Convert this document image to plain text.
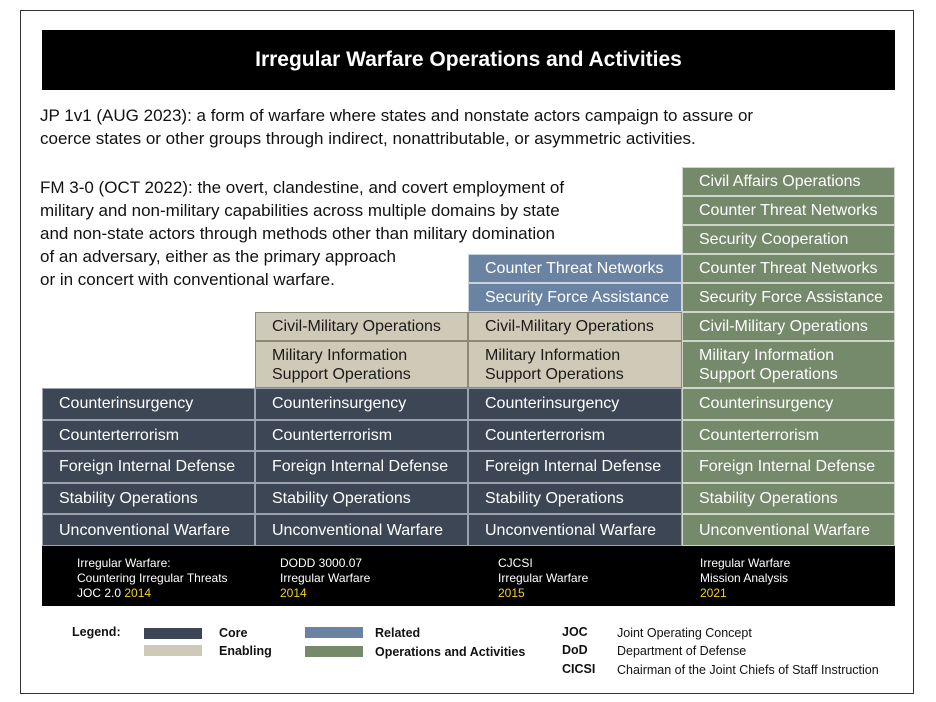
Irregular Warfare Operations and Activities
JP 1v1 (AUG 2023): a form of warfare where states and nonstate actors campaign to assure or
coerce states or other groups through indirect, nonattributable, or asymmetric activities.
FM 3-0 (OCT 2022): the overt, clandestine, and covert employment of
military and non-military capabilities across multiple domains by state
and non-state actors through methods other than military domination
of an adversary, either as the primary approach
or in concert with conventional warfare.
Unconventional Warfare
Stability Operations
Foreign Internal Defense
Counterterrorism
Counterinsurgency
Unconventional Warfare
Stability Operations
Foreign Internal Defense
Counterterrorism
Counterinsurgency
Military Information
Support Operations
Civil-Military Operations
Unconventional Warfare
Stability Operations
Foreign Internal Defense
Counterterrorism
Counterinsurgency
Military Information
Support Operations
Civil-Military Operations
Security Force Assistance
Counter Threat Networks
Unconventional Warfare
Stability Operations
Foreign Internal Defense
Counterterrorism
Counterinsurgency
Military Information
Support Operations
Civil-Military Operations
Security Force Assistance
Counter Threat Networks
Security Cooperation
Counter Threat Networks
Civil Affairs Operations
Irregular Warfare:
Countering Irregular Threats
JOC 2.0 2014
DODD 3000.07
Irregular Warfare
2014
CJCSI
Irregular Warfare
2015
Irregular Warfare
Mission Analysis
2021
Legend:	Core
Enabling
Related
Operations and Activities
JOC Joint Operating Concept
DoD Department of Defense
CICSI Chairman of the Joint Chiefs of Staff Instruction
